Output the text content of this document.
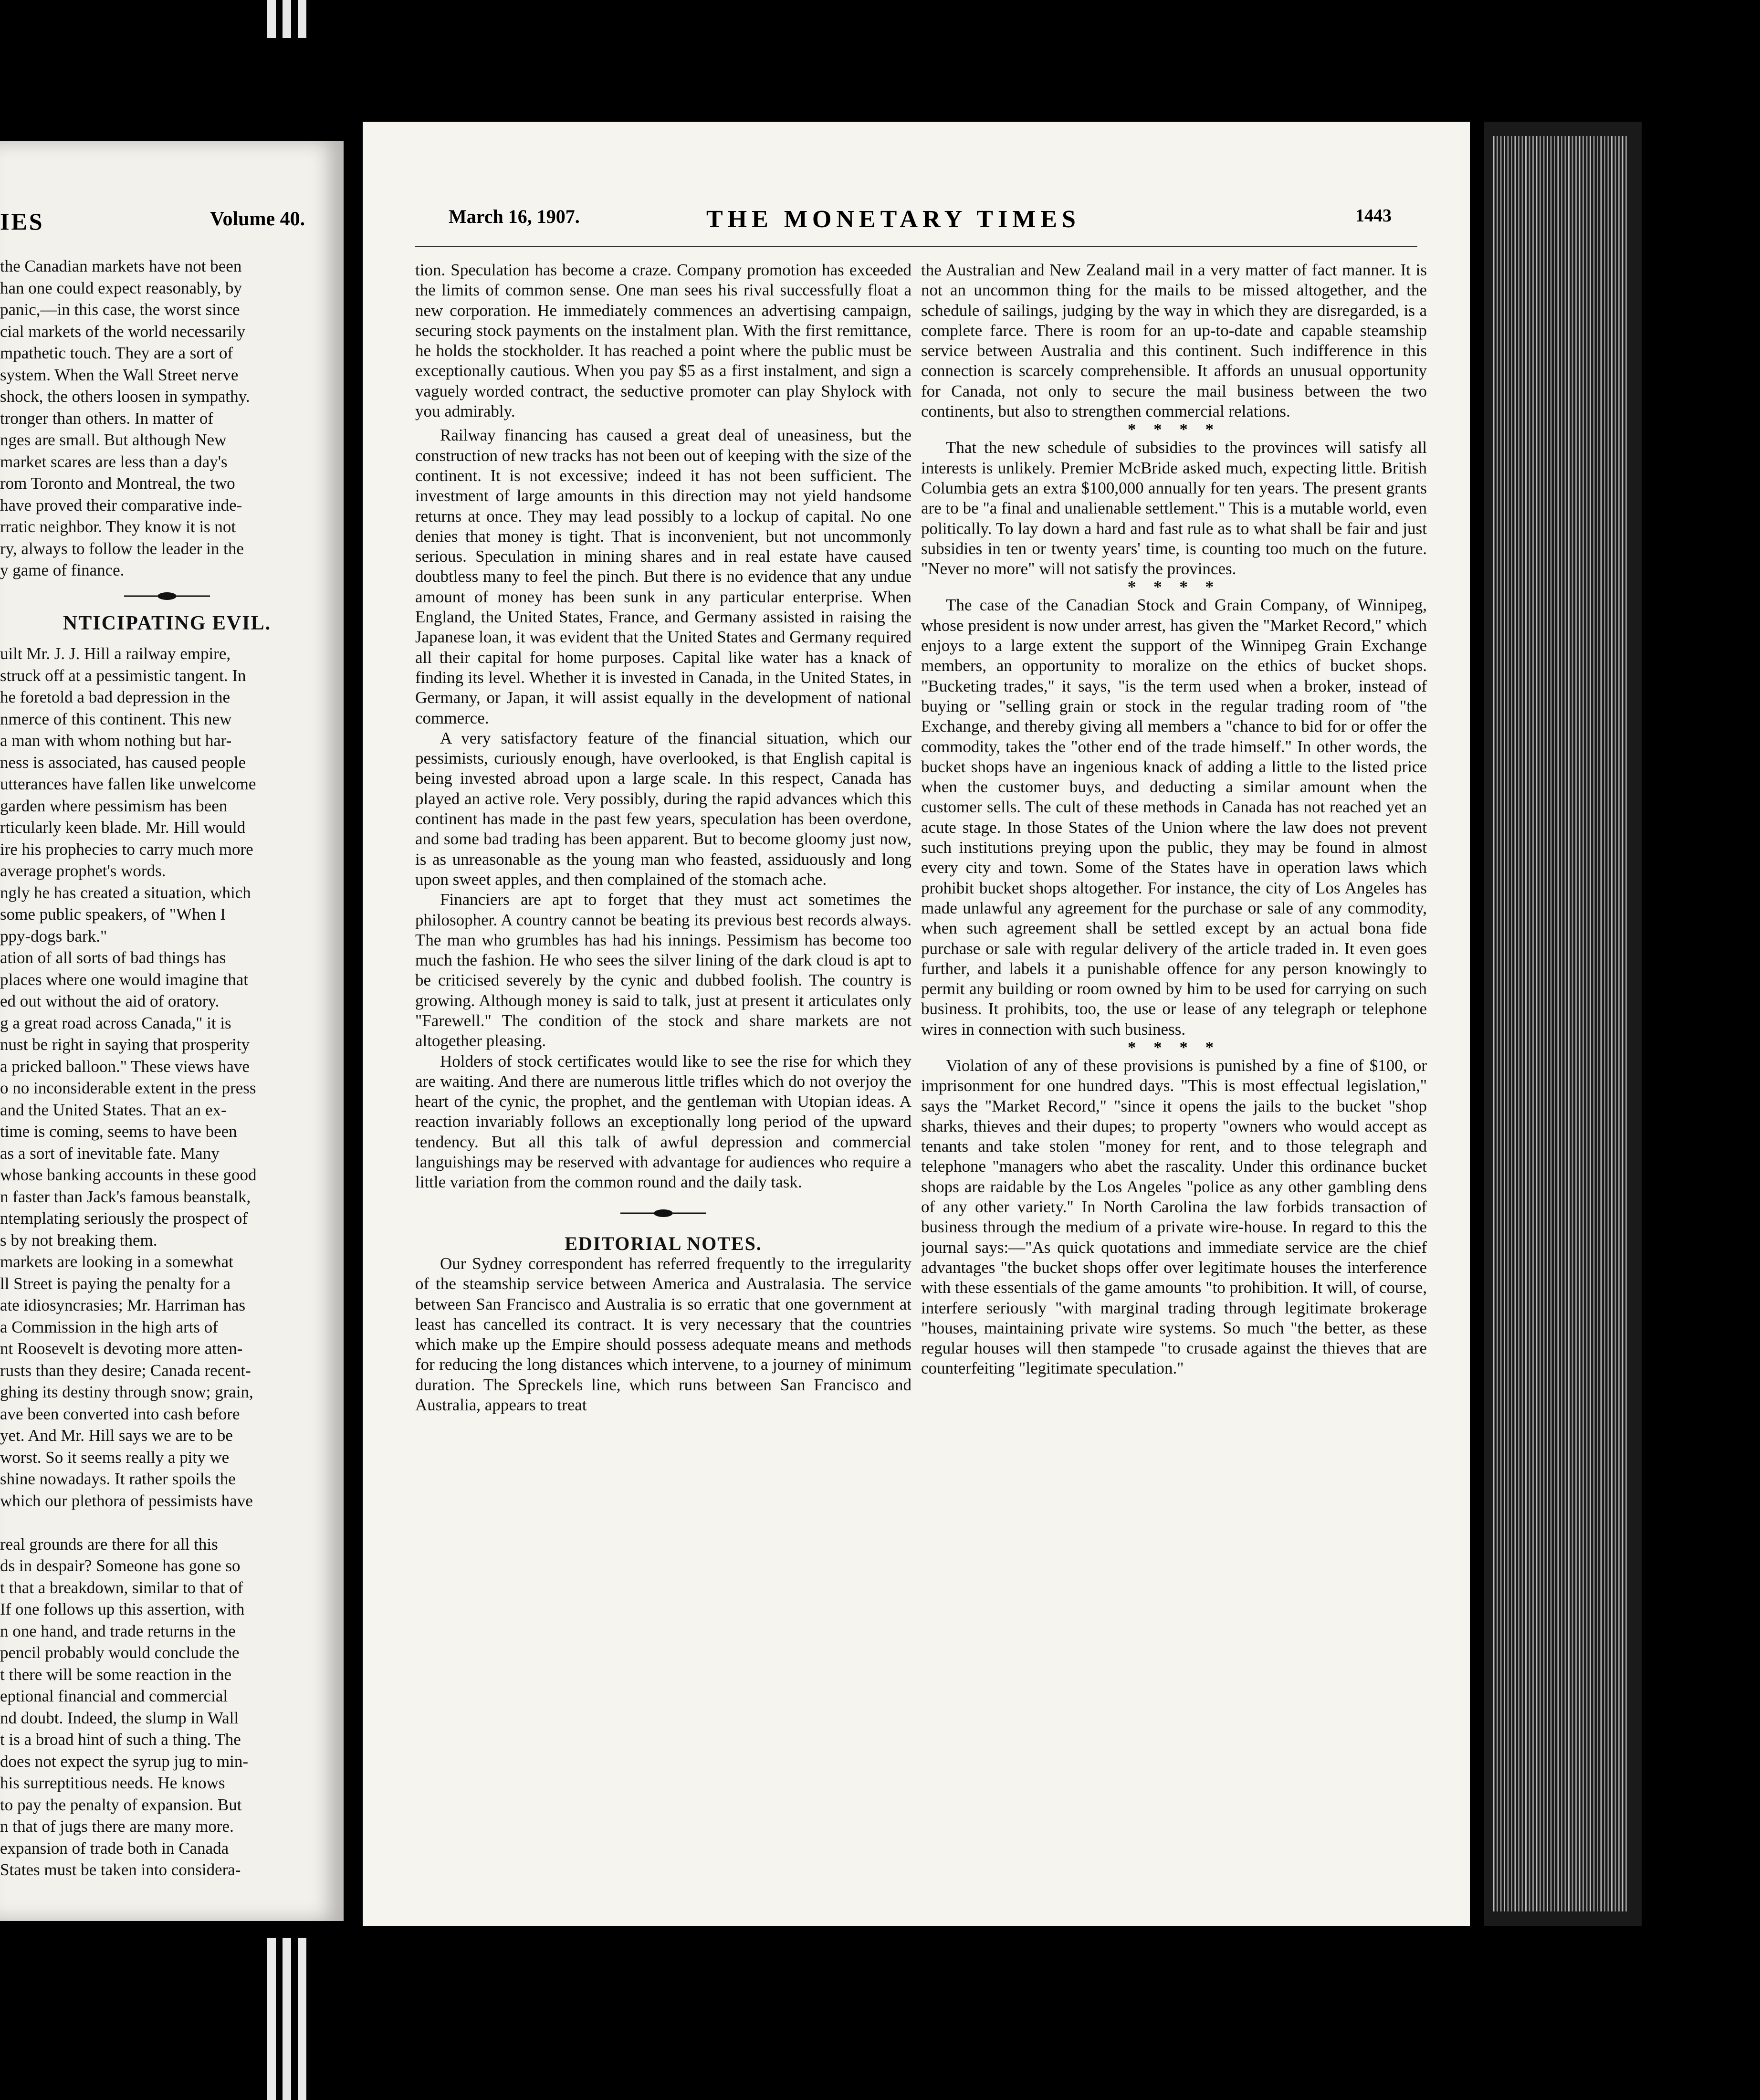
IES	Volume 40.

the Canadian markets have not been

han one could expect reasonably, by

panic,—in this case, the worst since

cial markets of the world necessarily

mpathetic touch. They are a sort of

system. When the Wall Street nerve

shock, the others loosen in sympathy.

tronger than others. In matter of

nges are small. But although New

market scares are less than a day's

rom Toronto and Montreal, the two

have proved their comparative inde-

rratic neighbor. They know it is not

ry, always to follow the leader in the

y game of finance.

NTICIPATING EVIL.

uilt Mr. J. J. Hill a railway empire,

struck off at a pessimistic tangent. In

he foretold a bad depression in the

nmerce of this continent. This new

a man with whom nothing but har-

ness is associated, has caused people

utterances have fallen like unwelcome

garden where pessimism has been

rticularly keen blade. Mr. Hill would

ire his prophecies to carry much more

average prophet's words.

ngly he has created a situation, which

some public speakers, of "When I

ppy-dogs bark."

ation of all sorts of bad things has

places where one would imagine that

ed out without the aid of oratory.

g a great road across Canada," it is

nust be right in saying that prosperity

a pricked balloon." These views have

o no inconsiderable extent in the press

and the United States. That an ex-

time is coming, seems to have been

as a sort of inevitable fate. Many

whose banking accounts in these good

n faster than Jack's famous beanstalk,

ntemplating seriously the prospect of

s by not breaking them.

markets are looking in a somewhat

ll Street is paying the penalty for a

ate idiosyncrasies; Mr. Harriman has

a Commission in the high arts of

nt Roosevelt is devoting more atten-

rusts than they desire; Canada recent-

ghing its destiny through snow; grain,

ave been converted into cash before

yet. And Mr. Hill says we are to be

worst. So it seems really a pity we

shine nowadays. It rather spoils the

which our plethora of pessimists have

real grounds are there for all this

ds in despair? Someone has gone so

t that a breakdown, similar to that of

If one follows up this assertion, with

n one hand, and trade returns in the

pencil probably would conclude the

t there will be some reaction in the

eptional financial and commercial

nd doubt. Indeed, the slump in Wall

t is a broad hint of such a thing. The

does not expect the syrup jug to min-

his surreptitious needs. He knows

to pay the penalty of expansion. But

n that of jugs there are many more.

expansion of trade both in Canada

States must be taken into considera-

March 16, 1907.	THE MONETARY TIMES	1443

tion. Speculation has become a craze. Company promotion has exceeded the limits of common sense. One man sees his rival successfully float a new corporation. He immediately commences an advertising campaign, securing stock payments on the instalment plan. With the first remittance, he holds the stockholder. It has reached a point where the public must be exceptionally cautious. When you pay $5 as a first instalment, and sign a vaguely worded contract, the seductive promoter can play Shylock with you admirably.

Railway financing has caused a great deal of uneasiness, but the construction of new tracks has not been out of keeping with the size of the continent. It is not excessive; indeed it has not been sufficient. The investment of large amounts in this direction may not yield handsome returns at once. They may lead possibly to a lockup of capital. No one denies that money is tight. That is inconvenient, but not uncommonly serious. Speculation in mining shares and in real estate have caused doubtless many to feel the pinch. But there is no evidence that any undue amount of money has been sunk in any particular enterprise. When England, the United States, France, and Germany assisted in raising the Japanese loan, it was evident that the United States and Germany required all their capital for home purposes. Capital like water has a knack of finding its level. Whether it is invested in Canada, in the United States, in Germany, or Japan, it will assist equally in the development of national commerce.

A very satisfactory feature of the financial situation, which our pessimists, curiously enough, have overlooked, is that English capital is being invested abroad upon a large scale. In this respect, Canada has played an active role. Very possibly, during the rapid advances which this continent has made in the past few years, speculation has been overdone, and some bad trading has been apparent. But to become gloomy just now, is as unreasonable as the young man who feasted, assiduously and long upon sweet apples, and then complained of the stomach ache.

Financiers are apt to forget that they must act sometimes the philosopher. A country cannot be beating its previous best records always. The man who grumbles has had his innings. Pessimism has become too much the fashion. He who sees the silver lining of the dark cloud is apt to be criticised severely by the cynic and dubbed foolish. The country is growing. Although money is said to talk, just at present it articulates only "Farewell." The condition of the stock and share markets are not altogether pleasing.

Holders of stock certificates would like to see the rise for which they are waiting. And there are numerous little trifles which do not overjoy the heart of the cynic, the prophet, and the gentleman with Utopian ideas. A reaction invariably follows an exceptionally long period of the upward tendency. But all this talk of awful depression and commercial languishings may be reserved with advantage for audiences who require a little variation from the common round and the daily task.

EDITORIAL NOTES.

Our Sydney correspondent has referred frequently to the irregularity of the steamship service between America and Australasia. The service between San Francisco and Australia is so erratic that one government at least has cancelled its contract. It is very necessary that the countries which make up the Empire should possess adequate means and methods for reducing the long distances which intervene, to a journey of minimum duration. The Spreckels line, which runs between San Francisco and Australia, appears to treat

the Australian and New Zealand mail in a very matter of fact manner. It is not an uncommon thing for the mails to be missed altogether, and the schedule of sailings, judging by the way in which they are disregarded, is a complete farce. There is room for an up-to-date and capable steamship service between Australia and this continent. Such indifference in this connection is scarcely comprehensible. It affords an unusual opportunity for Canada, not only to secure the mail business between the two continents, but also to strengthen commercial relations.

* * * *

That the new schedule of subsidies to the provinces will satisfy all interests is unlikely. Premier McBride asked much, expecting little. British Columbia gets an extra $100,000 annually for ten years. The present grants are to be "a final and unalienable settlement." This is a mutable world, even politically. To lay down a hard and fast rule as to what shall be fair and just subsidies in ten or twenty years' time, is counting too much on the future. "Never no more" will not satisfy the provinces.

* * * *

The case of the Canadian Stock and Grain Company, of Winnipeg, whose president is now under arrest, has given the "Market Record," which enjoys to a large extent the support of the Winnipeg Grain Exchange members, an opportunity to moralize on the ethics of bucket shops. "Bucketing trades," it says, "is the term used when a broker, instead of buying or "selling grain or stock in the regular trading room of "the Exchange, and thereby giving all members a "chance to bid for or offer the commodity, takes the "other end of the trade himself." In other words, the bucket shops have an ingenious knack of adding a little to the listed price when the customer buys, and deducting a similar amount when the customer sells. The cult of these methods in Canada has not reached yet an acute stage. In those States of the Union where the law does not prevent such institutions preying upon the public, they may be found in almost every city and town. Some of the States have in operation laws which prohibit bucket shops altogether. For instance, the city of Los Angeles has made unlawful any agreement for the purchase or sale of any commodity, when such agreement shall be settled except by an actual bona fide purchase or sale with regular delivery of the article traded in. It even goes further, and labels it a punishable offence for any person knowingly to permit any building or room owned by him to be used for carrying on such business. It prohibits, too, the use or lease of any telegraph or telephone wires in connection with such business.

* * * *

Violation of any of these provisions is punished by a fine of $100, or imprisonment for one hundred days. "This is most effectual legislation," says the "Market Record," "since it opens the jails to the bucket "shop sharks, thieves and their dupes; to property "owners who would accept as tenants and take stolen "money for rent, and to those telegraph and telephone "managers who abet the rascality. Under this ordinance bucket shops are raidable by the Los Angeles "police as any other gambling dens of any other variety." In North Carolina the law forbids transaction of business through the medium of a private wire-house. In regard to this the journal says:—"As quick quotations and immediate service are the chief advantages "the bucket shops offer over legitimate houses the interference with these essentials of the game amounts "to prohibition. It will, of course, interfere seriously "with marginal trading through legitimate brokerage "houses, maintaining private wire systems. So much "the better, as these regular houses will then stampede "to crusade against the thieves that are counterfeiting "legitimate speculation."
